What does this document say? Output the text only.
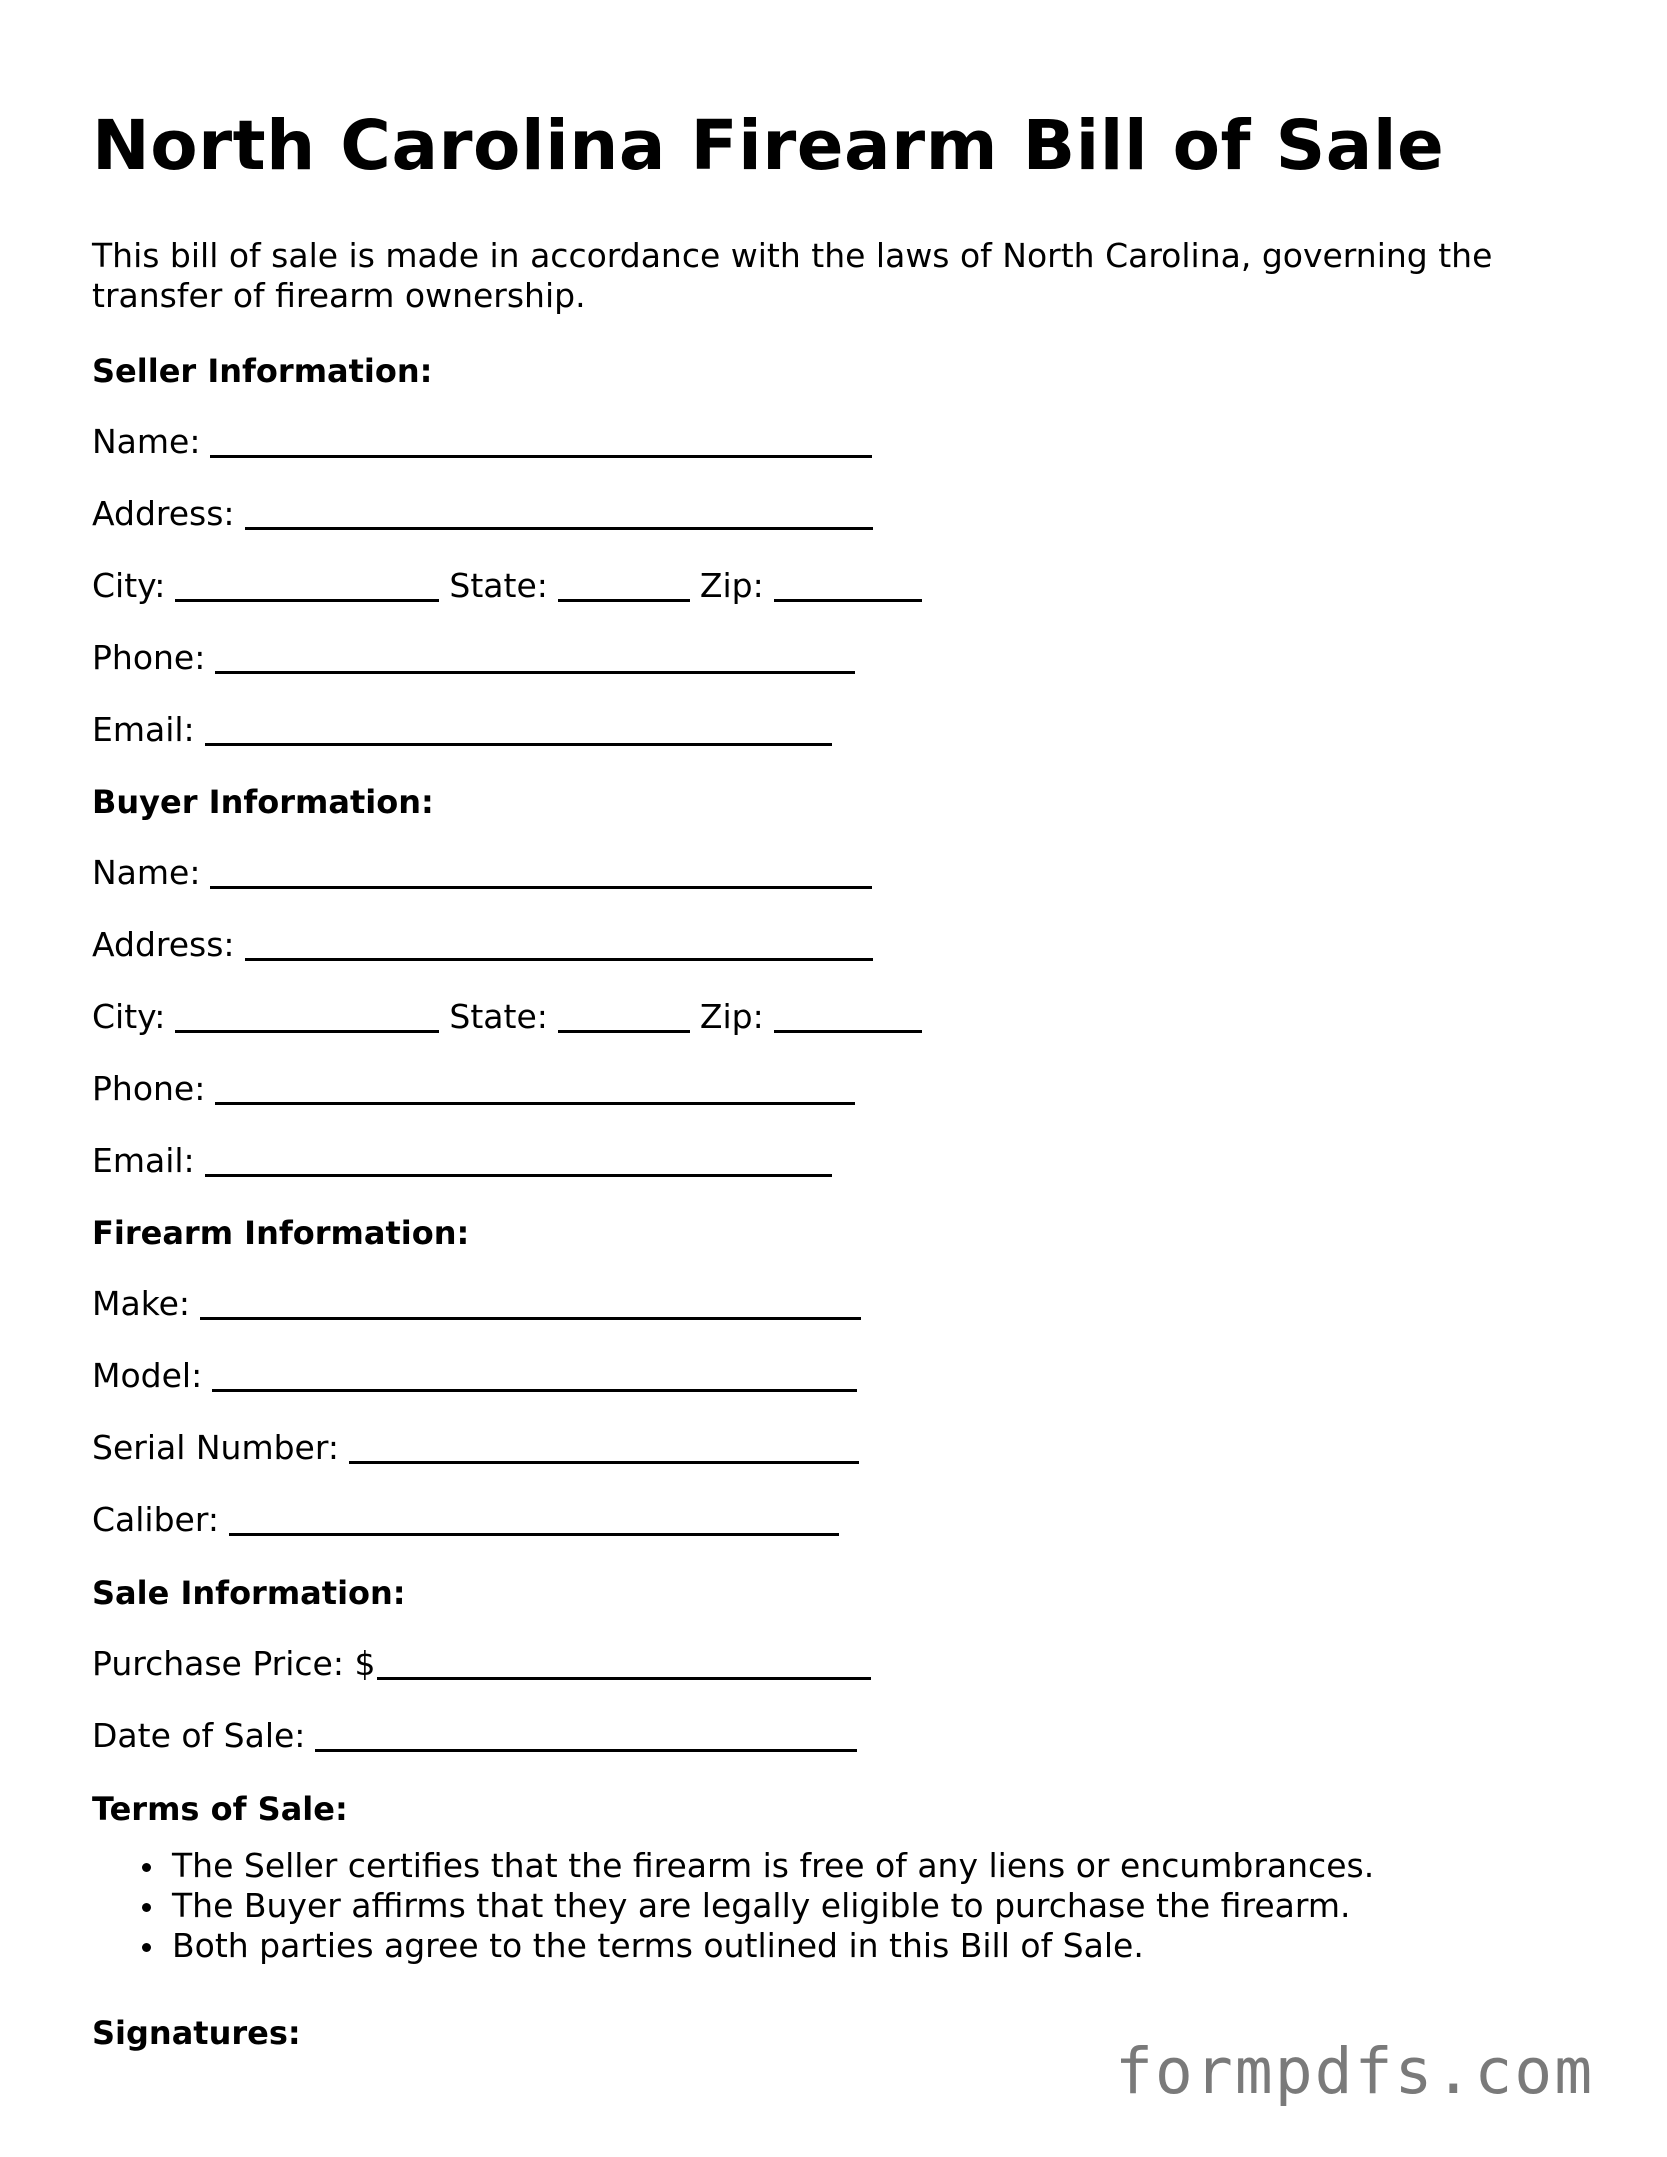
North Carolina Firearm Bill of Sale

This bill of sale is made in accordance with the laws of North Carolina, governing the transfer of firearm ownership.

Seller Information:
Name:
Address:
City:	State:	Zip:
Phone:
Email:
Buyer Information:
Name:
Address:
City:	State:	Zip:
Phone:
Email:
Firearm Information:
Make:
Model:
Serial Number:
Caliber:
Sale Information:
Purchase Price: $
Date of Sale:
Terms of Sale:
The Seller certifies that the firearm is free of any liens or encumbrances.
The Buyer affirms that they are legally eligible to purchase the firearm.
Both parties agree to the terms outlined in this Bill of Sale.
Signatures:
formpdfs.com
